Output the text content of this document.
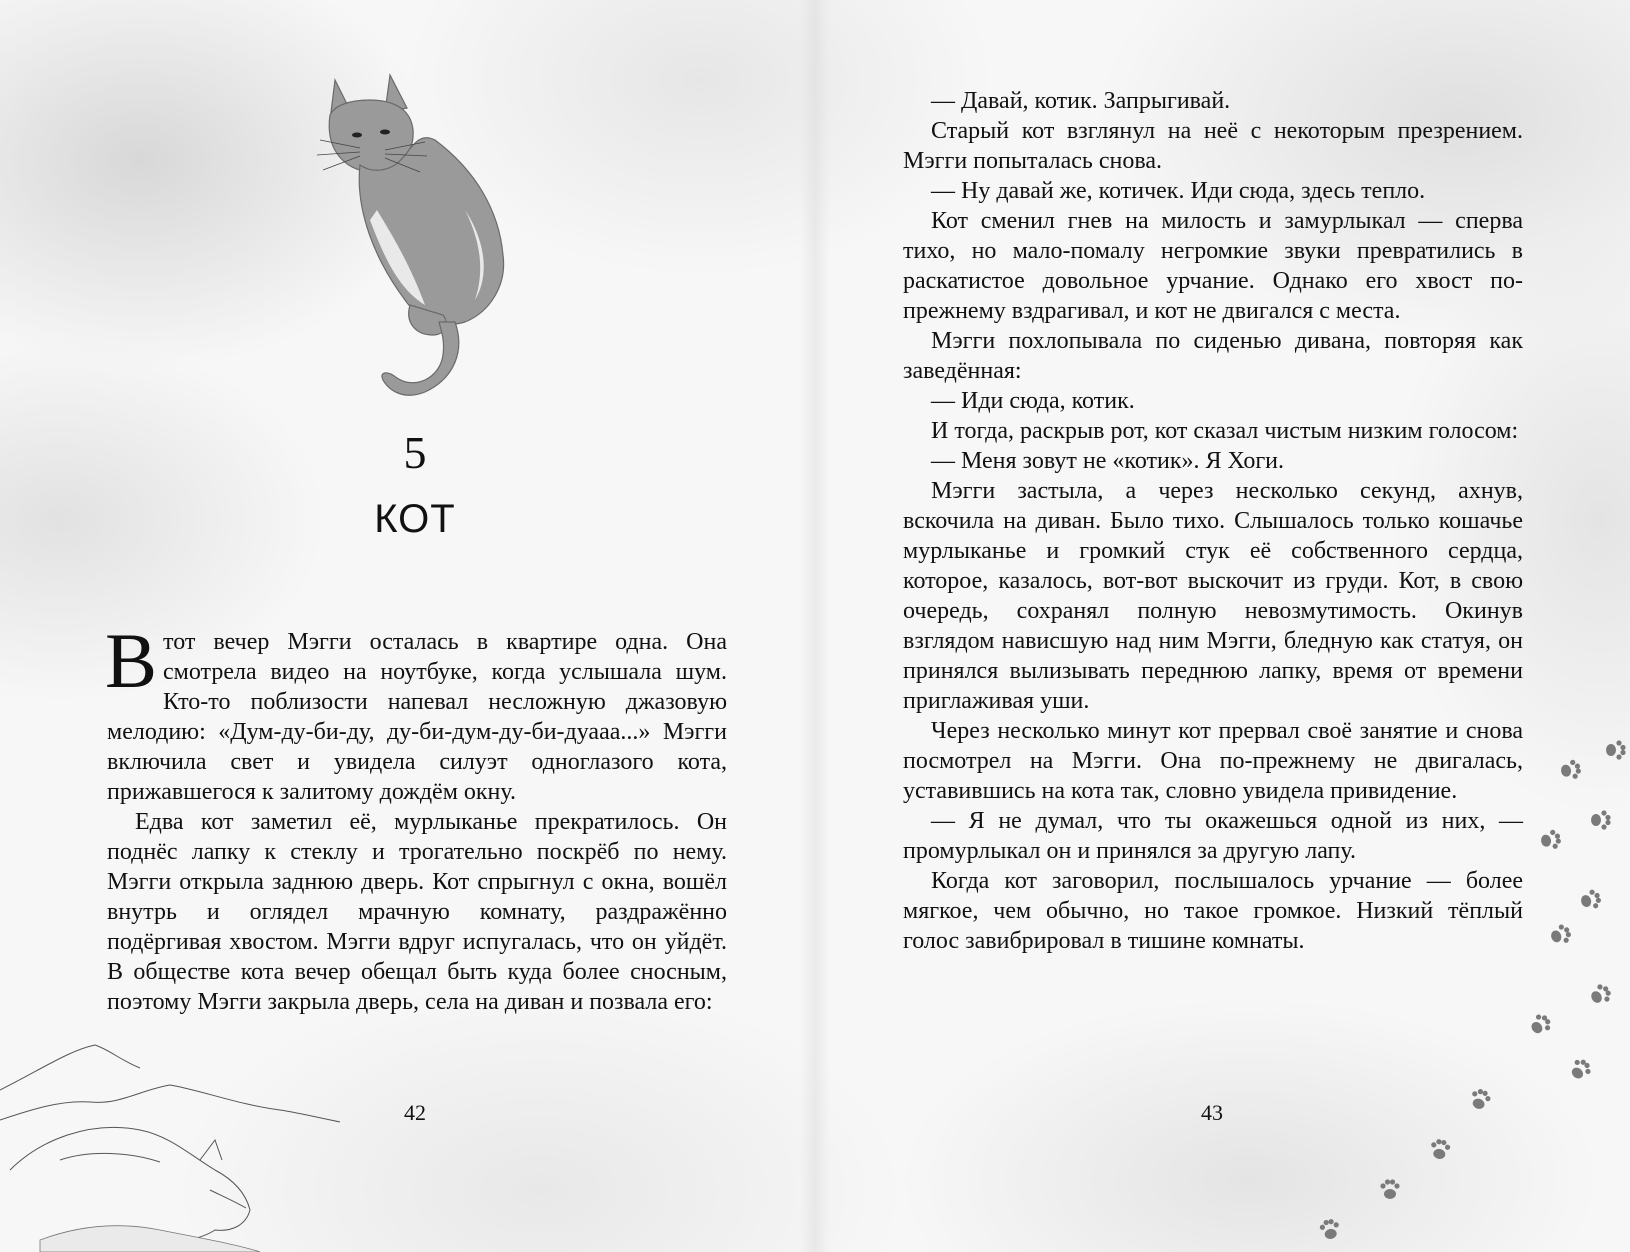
5
КОТ

Втот вечер Мэгги осталась в квартире одна. Она смотрела видео на ноутбуке, когда услышала шум. Кто-то поблизости напевал несложную джазовую мелодию: «Дум-ду-би-ду, ду-би-дум-ду-би-дуааа...» Мэгги включила свет и увидела силуэт одноглазого кота, прижавшегося к залитому дождём окну.

Едва кот заметил её, мурлыканье прекратилось. Он поднёс лапку к стеклу и трогательно поскрёб по нему. Мэгги открыла заднюю дверь. Кот спрыгнул с окна, вошёл внутрь и оглядел мрачную комнату, раздражённо подёргивая хвостом. Мэгги вдруг испугалась, что он уйдёт. В обществе кота вечер обещал быть куда более сносным, поэтому Мэгги закрыла дверь, села на диван и позвала его:

42

— Давай, котик. Запрыгивай.

Старый кот взглянул на неё с некоторым презрением. Мэгги попыталась снова.

— Ну давай же, котичек. Иди сюда, здесь тепло.

Кот сменил гнев на милость и замурлыкал — сперва тихо, но мало-помалу негромкие звуки превратились в раскатистое довольное урчание. Однако его хвост по-прежнему вздрагивал, и кот не двигался с места.

Мэгги похлопывала по сиденью дивана, повторяя как заведённая:

— Иди сюда, котик.

И тогда, раскрыв рот, кот сказал чистым низким голосом:

— Меня зовут не «котик». Я Хоги.

Мэгги застыла, а через несколько секунд, ахнув, вскочила на диван. Было тихо. Слышалось только кошачье мурлыканье и громкий стук её собственного сердца, которое, казалось, вот-вот выскочит из груди. Кот, в свою очередь, сохранял полную невозмутимость. Окинув взглядом нависшую над ним Мэгги, бледную как статуя, он принялся вылизывать переднюю лапку, время от времени приглаживая уши.

Через несколько минут кот прервал своё занятие и снова посмотрел на Мэгги. Она по-прежнему не двигалась, уставившись на кота так, словно увидела привидение.

— Я не думал, что ты окажешься одной из них, — промурлыкал он и принялся за другую лапу.

Когда кот заговорил, послышалось урчание — более мягкое, чем обычно, но такое громкое. Низкий тёплый голос завибрировал в тишине комнаты.

43
